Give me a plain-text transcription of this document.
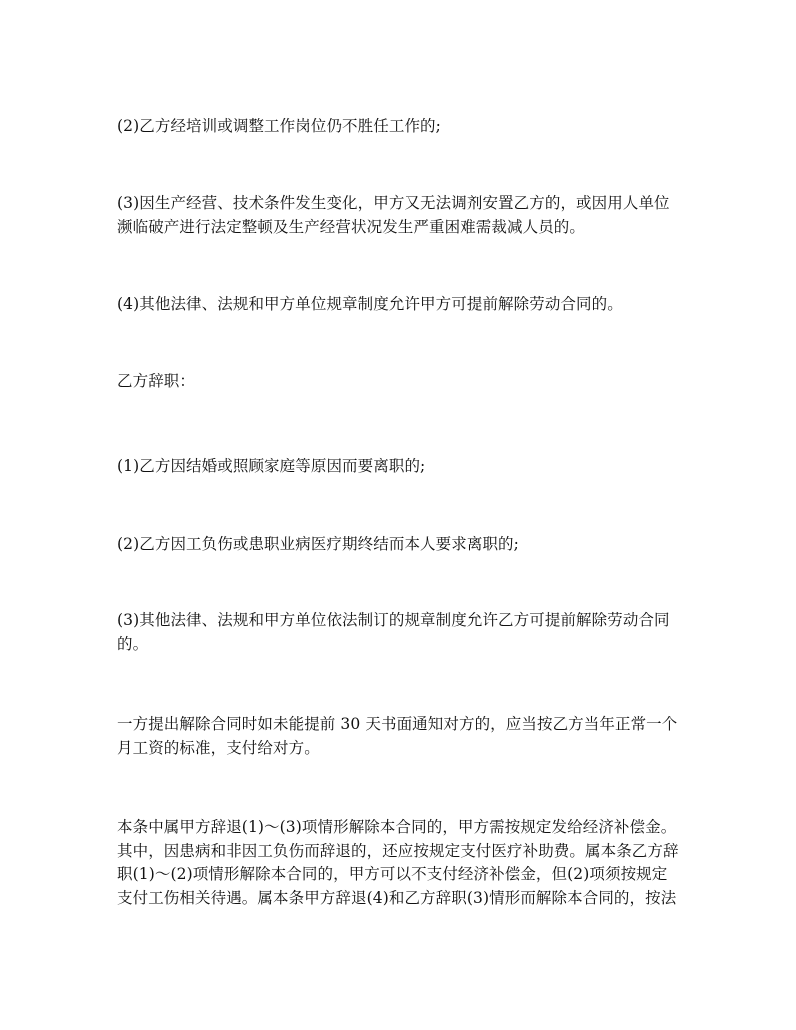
(2)乙方经培训或调整工作岗位仍不胜任工作的;
(3)因生产经营、技术条件发生变化，甲方又无法调剂安置乙方的，或因用人单位
濒临破产进行法定整顿及生产经营状况发生严重困难需裁减人员的。
(4)其他法律、法规和甲方单位规章制度允许甲方可提前解除劳动合同的。
乙方辞职：
(1)乙方因结婚或照顾家庭等原因而要离职的;
(2)乙方因工负伤或患职业病医疗期终结而本人要求离职的;
(3)其他法律、法规和甲方单位依法制订的规章制度允许乙方可提前解除劳动合同
的。
一方提出解除合同时如未能提前 30 天书面通知对方的，应当按乙方当年正常一个
月工资的标准，支付给对方。
本条中属甲方辞退(1)～(3)项情形解除本合同的，甲方需按规定发给经济补偿金。
其中，因患病和非因工负伤而辞退的，还应按规定支付医疗补助费。属本条乙方辞
职(1)～(2)项情形解除本合同的，甲方可以不支付经济补偿金，但(2)项须按规定
支付工伤相关待遇。属本条甲方辞退(4)和乙方辞职(3)情形而解除本合同的，按法
